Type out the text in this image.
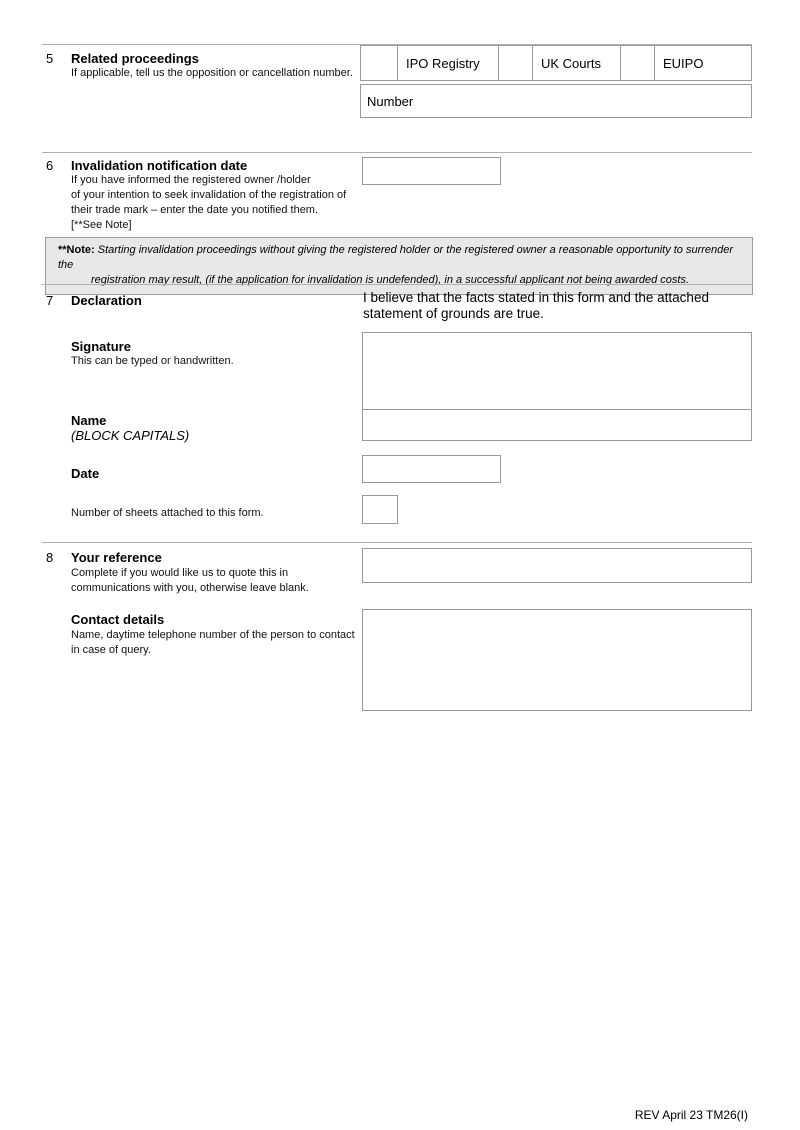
5 Related proceedings
If applicable, tell us the opposition or cancellation number.
IPO Registry	UK Courts	EUIPO
Number
6 Invalidation notification date
If you have informed the registered owner /holder
of your intention to seek invalidation of the registration of
their trade mark – enter the date you notified them.
[**See Note]
**Note: Starting invalidation proceedings without giving the registered holder or the registered owner a reasonable opportunity to surrender the
registration may result, (if the application for invalidation is undefended), in a successful applicant not being awarded costs.
7 Declaration	I believe that the facts stated in this form and the attached
statement of grounds are true.
Signature
This can be typed or handwritten.
Name
(BLOCK CAPITALS)
Date
Number of sheets attached to this form.
8 Your reference
Complete if you would like us to quote this in
communications with you, otherwise leave blank.
Contact details
Name, daytime telephone number of the person to contact
in case of query.
REV April 23 TM26(I)
